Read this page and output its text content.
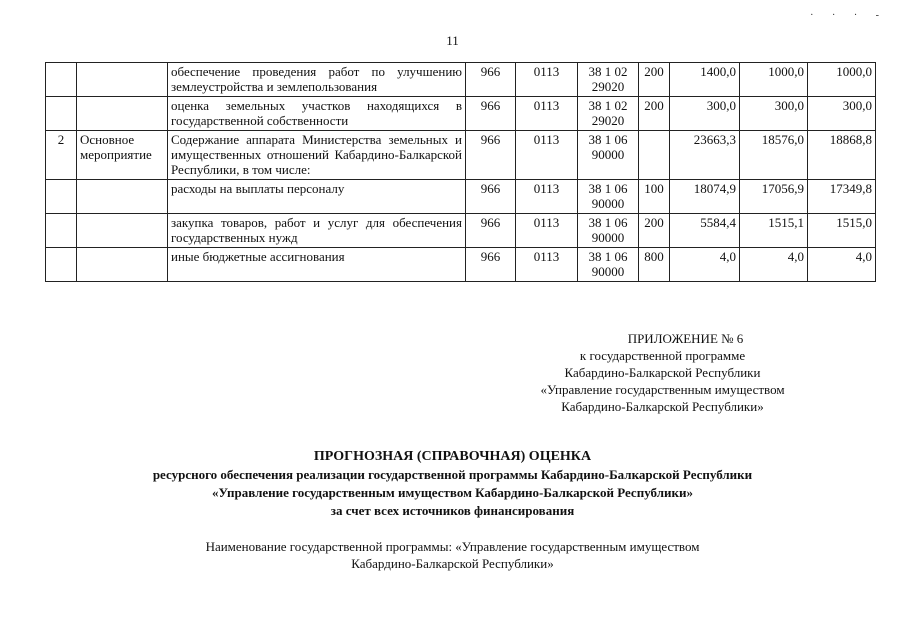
11
· · · -
		обеспечение проведения работ по улучшению землеустройства и землепользования	966	0113	38 1 02 29020	200	1400,0	1000,0	1000,0
		оценка земельных участков находящихся в государственной собственности	966	0113	38 1 02 29020	200	300,0	300,0	300,0
2	Основное мероприятие	Содержание аппарата Министерства земельных и имущественных отношений Кабардино-Балкарской Республики, в том числе:	966	0113	38 1 06 90000		23663,3	18576,0	18868,8
		расходы на выплаты персоналу	966	0113	38 1 06 90000	100	18074,9	17056,9	17349,8
		закупка товаров, работ и услуг для обеспечения государственных нужд	966	0113	38 1 06 90000	200	5584,4	1515,1	1515,0
		иные бюджетные ассигнования	966	0113	38 1 06 90000	800	4,0	4,0	4,0
ПРИЛОЖЕНИЕ № 6
к государственной программе
Кабардино-Балкарской Республики
«Управление государственным имуществом
Кабардино-Балкарской Республики»
ПРОГНОЗНАЯ (СПРАВОЧНАЯ) ОЦЕНКА
ресурсного обеспечения реализации государственной программы Кабардино-Балкарской Республики
«Управление государственным имуществом Кабардино-Балкарской Республики»
за счет всех источников финансирования
Наименование государственной программы: «Управление государственным имуществом
Кабардино-Балкарской Республики»
